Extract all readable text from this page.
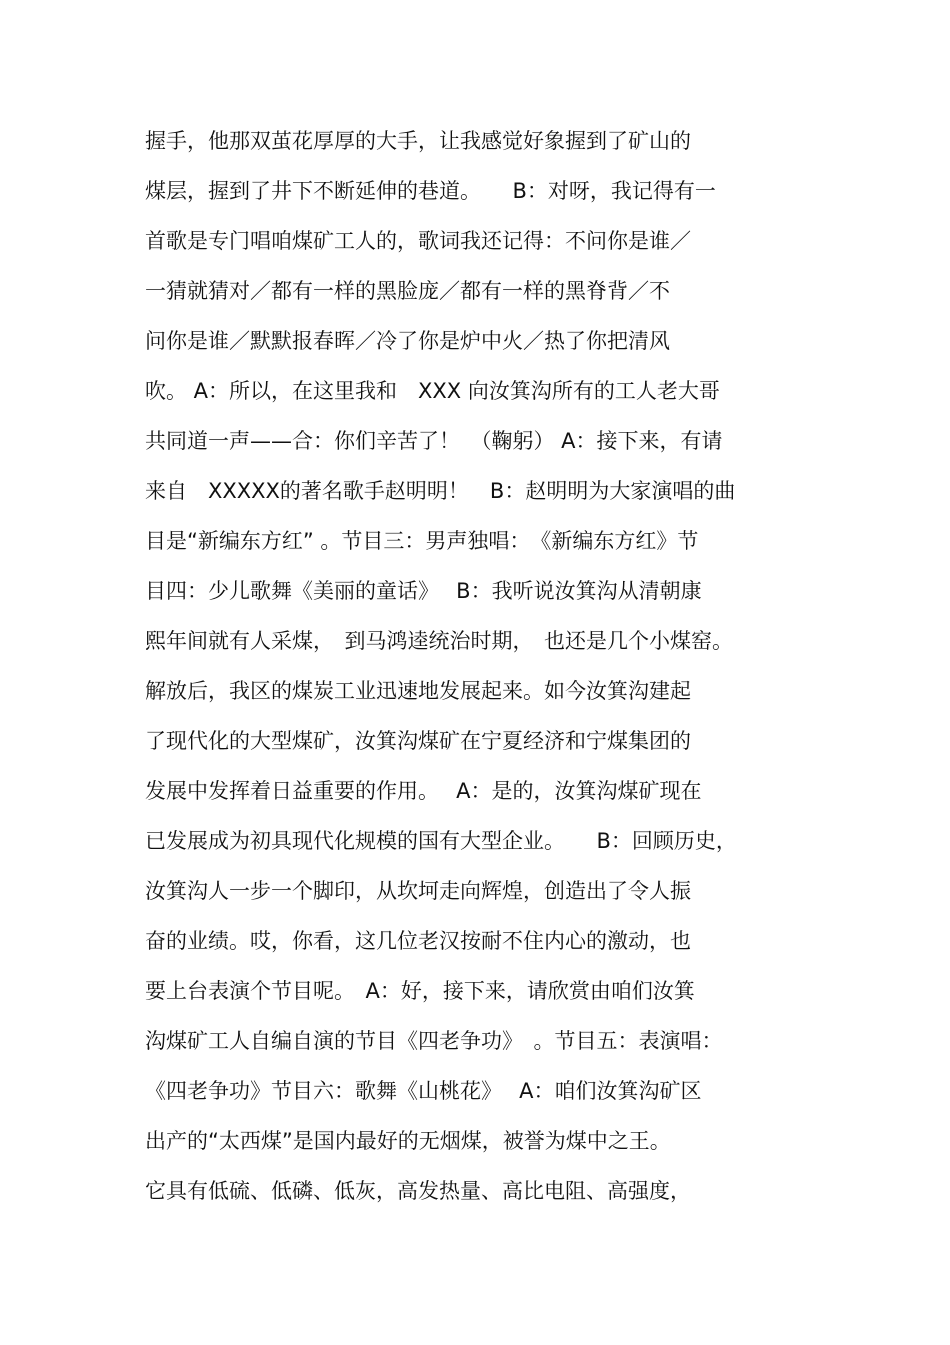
握手，他那双茧花厚厚的大手，让我感觉好象握到了矿山的
煤层，握到了井下不断延伸的巷道。　　B：对呀，我记得有一
首歌是专门唱咱煤矿工人的，歌词我还记得：不问你是谁／
一猜就猜对／都有一样的黑脸庞／都有一样的黑脊背／不
问你是谁／默默报春晖／冷了你是炉中火／热了你把清风
吹。 A：所以，在这里我和　XXX 向汝箕沟所有的工人老大哥
共同道一声——合：你们辛苦了！　（鞠躬） A：接下来，有请
来自　XXXXX的著名歌手赵明明！　B：赵明明为大家演唱的曲
目是“新编东方红” 。节目三：男声独唱：　《新编东方红》节
目四：少儿歌舞《美丽的童话》　 B：我听说汝箕沟从清朝康
熙年间就有人采煤，　到马鸿逵统治时期，　也还是几个小煤窑。
解放后，我区的煤炭工业迅速地发展起来。如今汝箕沟建起
了现代化的大型煤矿，汝箕沟煤矿在宁夏经济和宁煤集团的
发展中发挥着日益重要的作用。　 A：是的，汝箕沟煤矿现在
已发展成为初具现代化规模的国有大型企业。　　B：回顾历史，
汝箕沟人一步一个脚印，从坎坷走向辉煌，创造出了令人振
奋的业绩。哎，你看，这几位老汉按耐不住内心的激动，也
要上台表演个节目呢。　A：好，接下来，请欣赏由咱们汝箕
沟煤矿工人自编自演的节目《四老争功》　。节目五：表演唱：
《四老争功》节目六：歌舞《山桃花》　 A：咱们汝箕沟矿区
出产的“太西煤”是国内最好的无烟煤，被誉为煤中之王。
它具有低硫、低磷、低灰，高发热量、高比电阻、高强度，
